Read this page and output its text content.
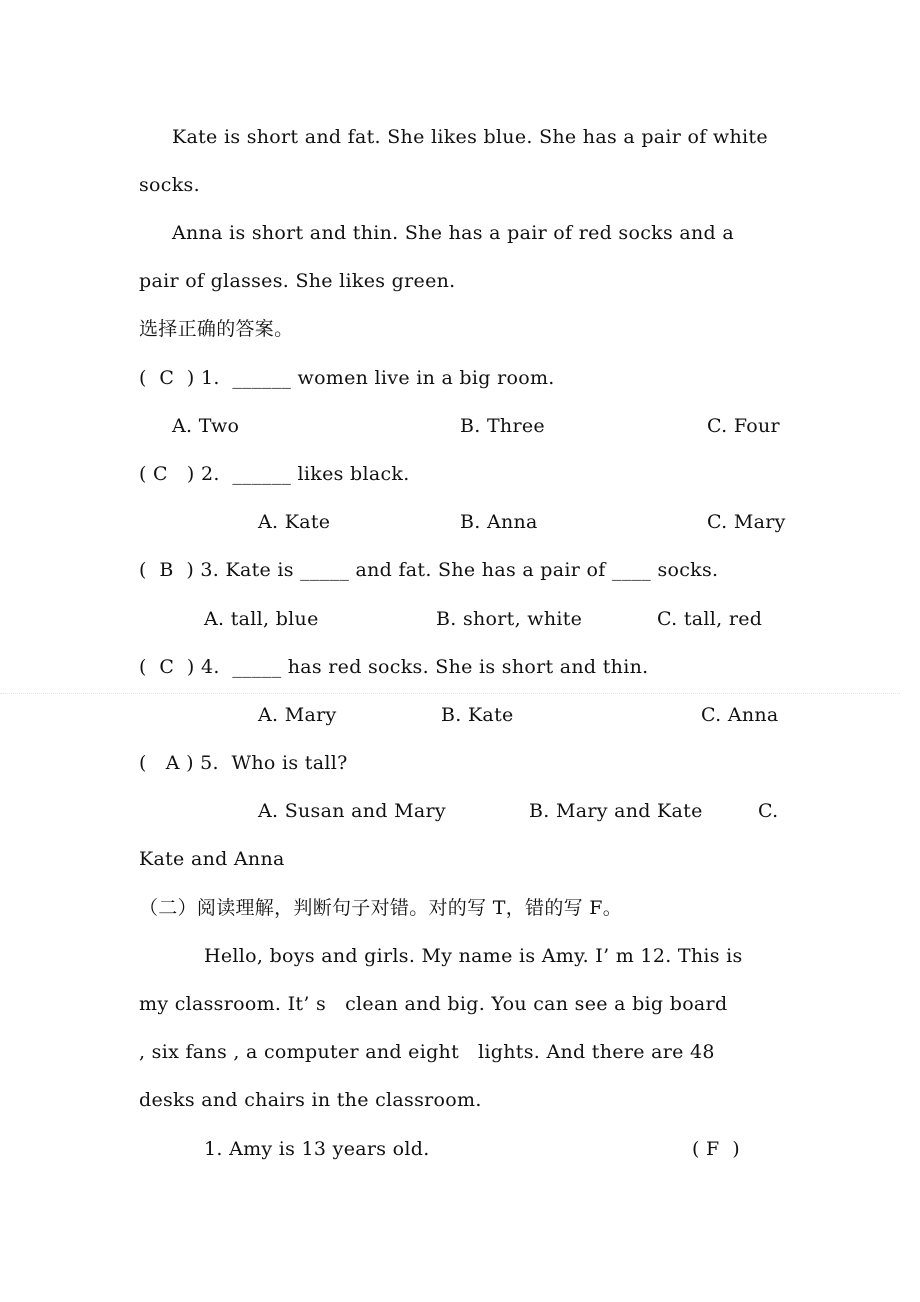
Kate is short and fat. She likes blue. She has a pair of white
socks.
Anna is short and thin. She has a pair of red socks and a
pair of glasses. She likes green.
选择正确的答案。
(  C  ) 1.  ______ women live in a big room.
A. Two	B. Three	C. Four
( C   ) 2.  ______ likes black.
A. Kate	B. Anna	C. Mary
(  B  ) 3. Kate is _____ and fat. She has a pair of ____ socks.
A. tall, blue	B. short, white	C. tall, red
(  C  ) 4.  _____ has red socks. She is short and thin.
A. Mary	B. Kate	C. Anna
(   A ) 5.  Who is tall?
A. Susan and Mary	B. Mary and Kate	C.
Kate and Anna
（二）阅读理解，判断句子对错。对的写 T，错的写 F。
Hello, boys and girls. My name is Amy. I’ m 12. This is
my classroom. It’ s   clean and big. You can see a big board
, six fans , a computer and eight   lights. And there are 48
desks and chairs in the classroom.
1. Amy is 13 years old.	( F  )
